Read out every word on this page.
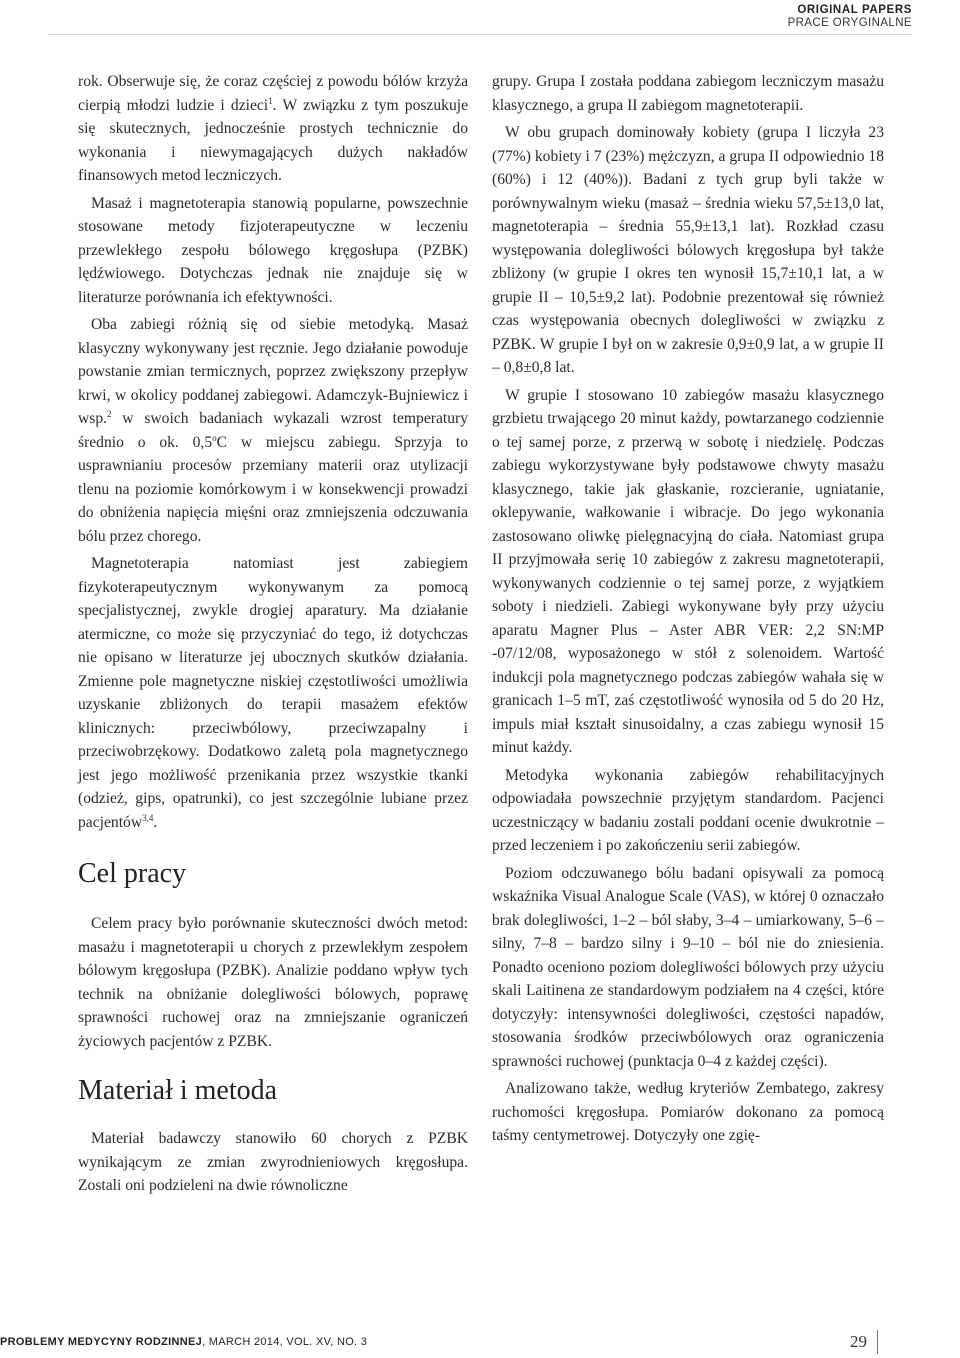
ORIGINAL PAPERS
PRACE ORYGINALNE

rok. Obserwuje się, że coraz częściej z powodu bólów krzyża cierpią młodzi ludzie i dzieci$^1$. W związku z tym poszukuje się skutecznych, jednocześnie prostych technicznie do wykonania i niewymagających dużych nakładów finansowych metod leczniczych.

Masaż i magnetoterapia stanowią popularne, powszechnie stosowane metody fizjoterapeutyczne w leczeniu przewlekłego zespołu bólowego kręgosłupa (PZBK) lędźwiowego. Dotychczas jednak nie znajduje się w literaturze porównania ich efektywności.

Oba zabiegi różnią się od siebie metodyką. Masaż klasyczny wykonywany jest ręcznie. Jego działanie powoduje powstanie zmian termicznych, poprzez zwiększony przepływ krwi, w okolicy poddanej zabiegowi. Adamczyk-Bujniewicz i wsp.$^2$ w swoich badaniach wykazali wzrost temperatury średnio o ok. 0,5$^o$C w miejscu zabiegu. Sprzyja to usprawnianiu procesów przemiany materii oraz utylizacji tlenu na poziomie komórkowym i w konsekwencji prowadzi do obniżenia napięcia mięśni oraz zmniejszenia odczuwania bólu przez chorego.

Magnetoterapia natomiast jest zabiegiem fizykoterapeutycznym wykonywanym za pomocą specjalistycznej, zwykle drogiej aparatury. Ma działanie atermiczne, co może się przyczyniać do tego, iż dotychczas nie opisano w literaturze jej ubocznych skutków działania. Zmienne pole magnetyczne niskiej częstotliwości umożliwia uzyskanie zbliżonych do terapii masażem efektów klinicznych: przeciwbólowy, przeciwzapalny i przeciwobrzękowy. Dodatkowo zaletą pola magnetycznego jest jego możliwość przenikania przez wszystkie tkanki (odzież, gips, opatrunki), co jest szczególnie lubiane przez pacjentów$^{3,4}$.

Cel pracy

Celem pracy było porównanie skuteczności dwóch metod: masażu i magnetoterapii u chorych z przewlekłym zespołem bólowym kręgosłupa (PZBK). Analizie poddano wpływ tych technik na obniżanie dolegliwości bólowych, poprawę sprawności ruchowej oraz na zmniejszanie ograniczeń życiowych pacjentów z PZBK.

Materiał i metoda

Materiał badawczy stanowiło 60 chorych z PZBK wynikającym ze zmian zwyrodnieniowych kręgosłupa. Zostali oni podzieleni na dwie równoliczne

grupy. Grupa I została poddana zabiegom leczniczym masażu klasycznego, a grupa II zabiegom magnetoterapii.

W obu grupach dominowały kobiety (grupa I liczyła 23 (77%) kobiety i 7 (23%) mężczyzn, a grupa II odpowiednio 18 (60%) i 12 (40%)). Badani z tych grup byli także w porównywalnym wieku (masaż – średnia wieku 57,5±13,0 lat, magnetoterapia – średnia 55,9±13,1 lat). Rozkład czasu występowania dolegliwości bólowych kręgosłupa był także zbliżony (w grupie I okres ten wynosił 15,7±10,1 lat, a w grupie II – 10,5±9,2 lat). Podobnie prezentował się również czas występowania obecnych dolegliwości w związku z PZBK. W grupie I był on w zakresie 0,9±0,9 lat, a w grupie II – 0,8±0,8 lat.

W grupie I stosowano 10 zabiegów masażu klasycznego grzbietu trwającego 20 minut każdy, powtarzanego codziennie o tej samej porze, z przerwą w sobotę i niedzielę. Podczas zabiegu wykorzystywane były podstawowe chwyty masażu klasycznego, takie jak głaskanie, rozcieranie, ugniatanie, oklepywanie, wałkowanie i wibracje. Do jego wykonania zastosowano oliwkę pielęgnacyjną do ciała. Natomiast grupa II przyjmowała serię 10 zabiegów z zakresu magnetoterapii, wykonywanych codziennie o tej samej porze, z wyjątkiem soboty i niedzieli. Zabiegi wykonywane były przy użyciu aparatu Magner Plus – Aster ABR VER: 2,2 SN:MP -07/12/08, wyposażonego w stół z solenoidem. Wartość indukcji pola magnetycznego podczas zabiegów wahała się w granicach 1–5 mT, zaś częstotliwość wynosiła od 5 do 20 Hz, impuls miał kształt sinusoidalny, a czas zabiegu wynosił 15 minut każdy.

Metodyka wykonania zabiegów rehabilitacyjnych odpowiadała powszechnie przyjętym standardom. Pacjenci uczestniczący w badaniu zostali poddani ocenie dwukrotnie – przed leczeniem i po zakończeniu serii zabiegów.

Poziom odczuwanego bólu badani opisywali za pomocą wskaźnika Visual Analogue Scale (VAS), w której 0 oznaczało brak dolegliwości, 1–2 – ból słaby, 3–4 – umiarkowany, 5–6 – silny, 7–8 – bardzo silny i 9–10 – ból nie do zniesienia. Ponadto oceniono poziom dolegliwości bólowych przy użyciu skali Laitinena ze standardowym podziałem na 4 części, które dotyczyły: intensywności dolegliwości, częstości napadów, stosowania środków przeciwbólowych oraz ograniczenia sprawności ruchowej (punktacja 0–4 z każdej części).

Analizowano także, według kryteriów Zembatego, zakresy ruchomości kręgosłupa. Pomiarów dokonano za pomocą taśmy centymetrowej. Dotyczyły one zgię-

PROBLEMY MEDYCYNY RODZINNEJ, MARCH 2014, VOL. XV, NO. 3	29
